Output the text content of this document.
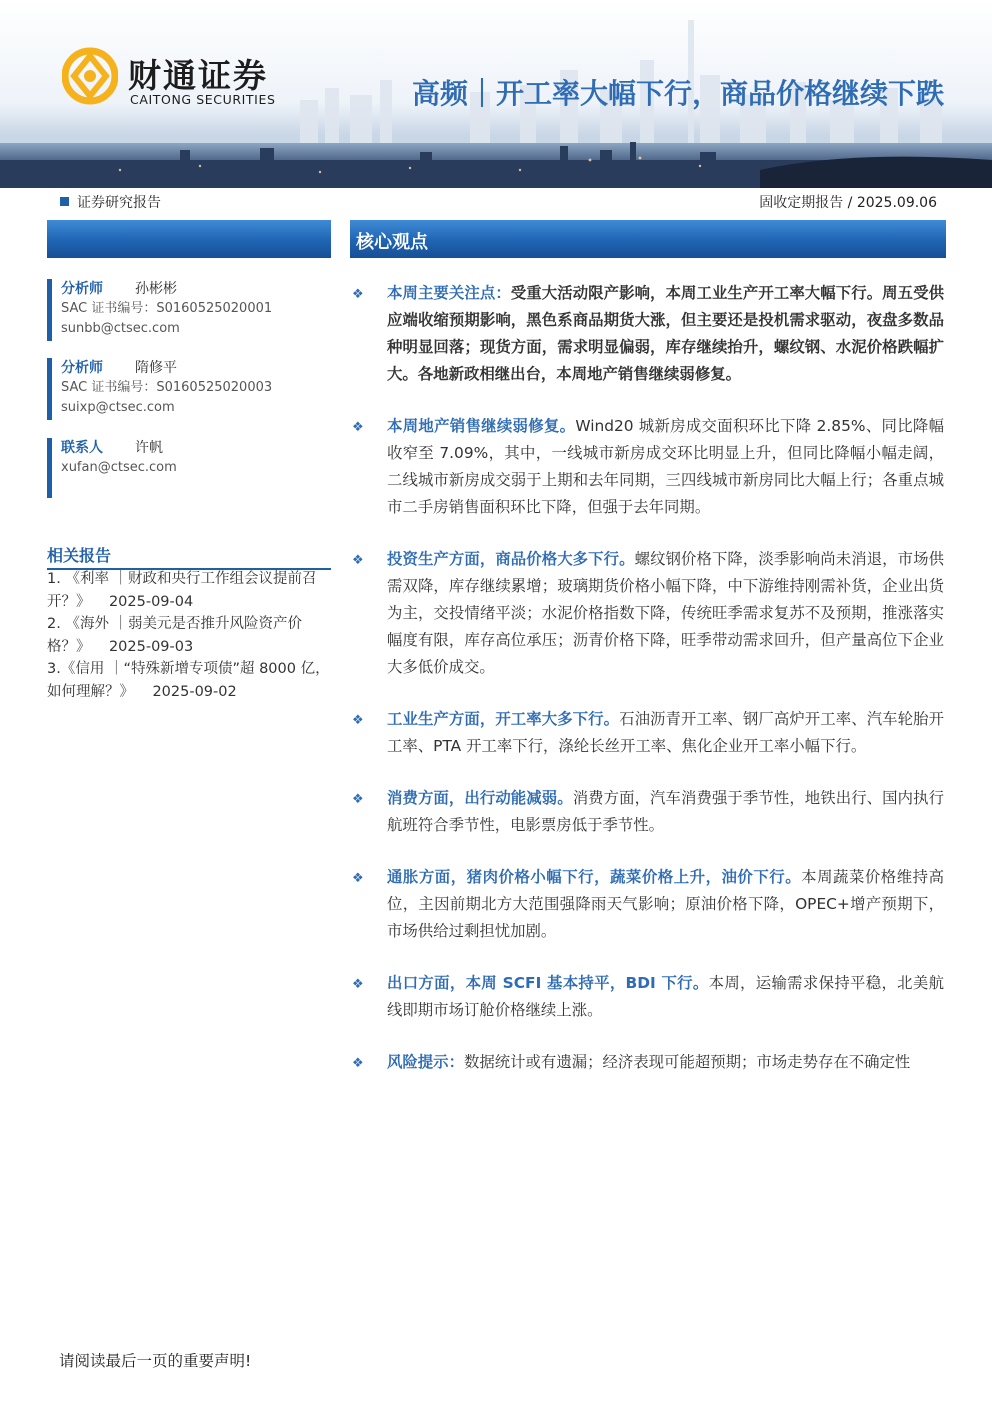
财通证券
CAITONG SECURITIES	高频｜开工率大幅下行，商品价格继续下跌
证券研究报告	固收定期报告 / 2025.09.06
核心观点
分析师 孙彬彬
SAC 证书编号：S0160525020001
sunbb@ctsec.com
分析师 隋修平
SAC 证书编号：S0160525020003
suixp@ctsec.com
联系人 许帆
xufan@ctsec.com
相关报告

1. 《利率 ｜财政和央行工作组会议提前召开？》 2025-09-04

2. 《海外 ｜弱美元是否推升风险资产价格？》 2025-09-03

3.《信用 ｜“特殊新增专项债”超 8000 亿，如何理解？》 2025-09-02

❖ 本周主要关注点：受重大活动限产影响，本周工业生产开工率大幅下行。周五受供应端收缩预期影响，黑色系商品期货大涨，但主要还是投机需求驱动，夜盘多数品种明显回落；现货方面，需求明显偏弱，库存继续抬升，螺纹钢、水泥价格跌幅扩大。各地新政相继出台，本周地产销售继续弱修复。
❖ 本周地产销售继续弱修复。Wind20 城新房成交面积环比下降 2.85%、同比降幅收窄至 7.09%，其中，一线城市新房成交环比明显上升，但同比降幅小幅走阔，二线城市新房成交弱于上期和去年同期，三四线城市新房同比大幅上行；各重点城市二手房销售面积环比下降，但强于去年同期。
❖ 投资生产方面，商品价格大多下行。螺纹钢价格下降，淡季影响尚未消退，市场供需双降，库存继续累增；玻璃期货价格小幅下降，中下游维持刚需补货，企业出货为主，交投情绪平淡；水泥价格指数下降，传统旺季需求复苏不及预期，推涨落实幅度有限，库存高位承压；沥青价格下降，旺季带动需求回升，但产量高位下企业大多低价成交。
❖ 工业生产方面，开工率大多下行。石油沥青开工率、钢厂高炉开工率、汽车轮胎开工率、PTA 开工率下行，涤纶长丝开工率、焦化企业开工率小幅下行。
❖ 消费方面，出行动能减弱。消费方面，汽车消费强于季节性，地铁出行、国内执行航班符合季节性，电影票房低于季节性。
❖ 通胀方面，猪肉价格小幅下行，蔬菜价格上升，油价下行。本周蔬菜价格维持高位，主因前期北方大范围强降雨天气影响；原油价格下降，OPEC+增产预期下，市场供给过剩担忧加剧。
❖ 出口方面，本周 SCFI 基本持平，BDI 下行。本周，运输需求保持平稳，北美航线即期市场订舱价格继续上涨。
❖ 风险提示：数据统计或有遗漏；经济表现可能超预期；市场走势存在不确定性
请阅读最后一页的重要声明!
